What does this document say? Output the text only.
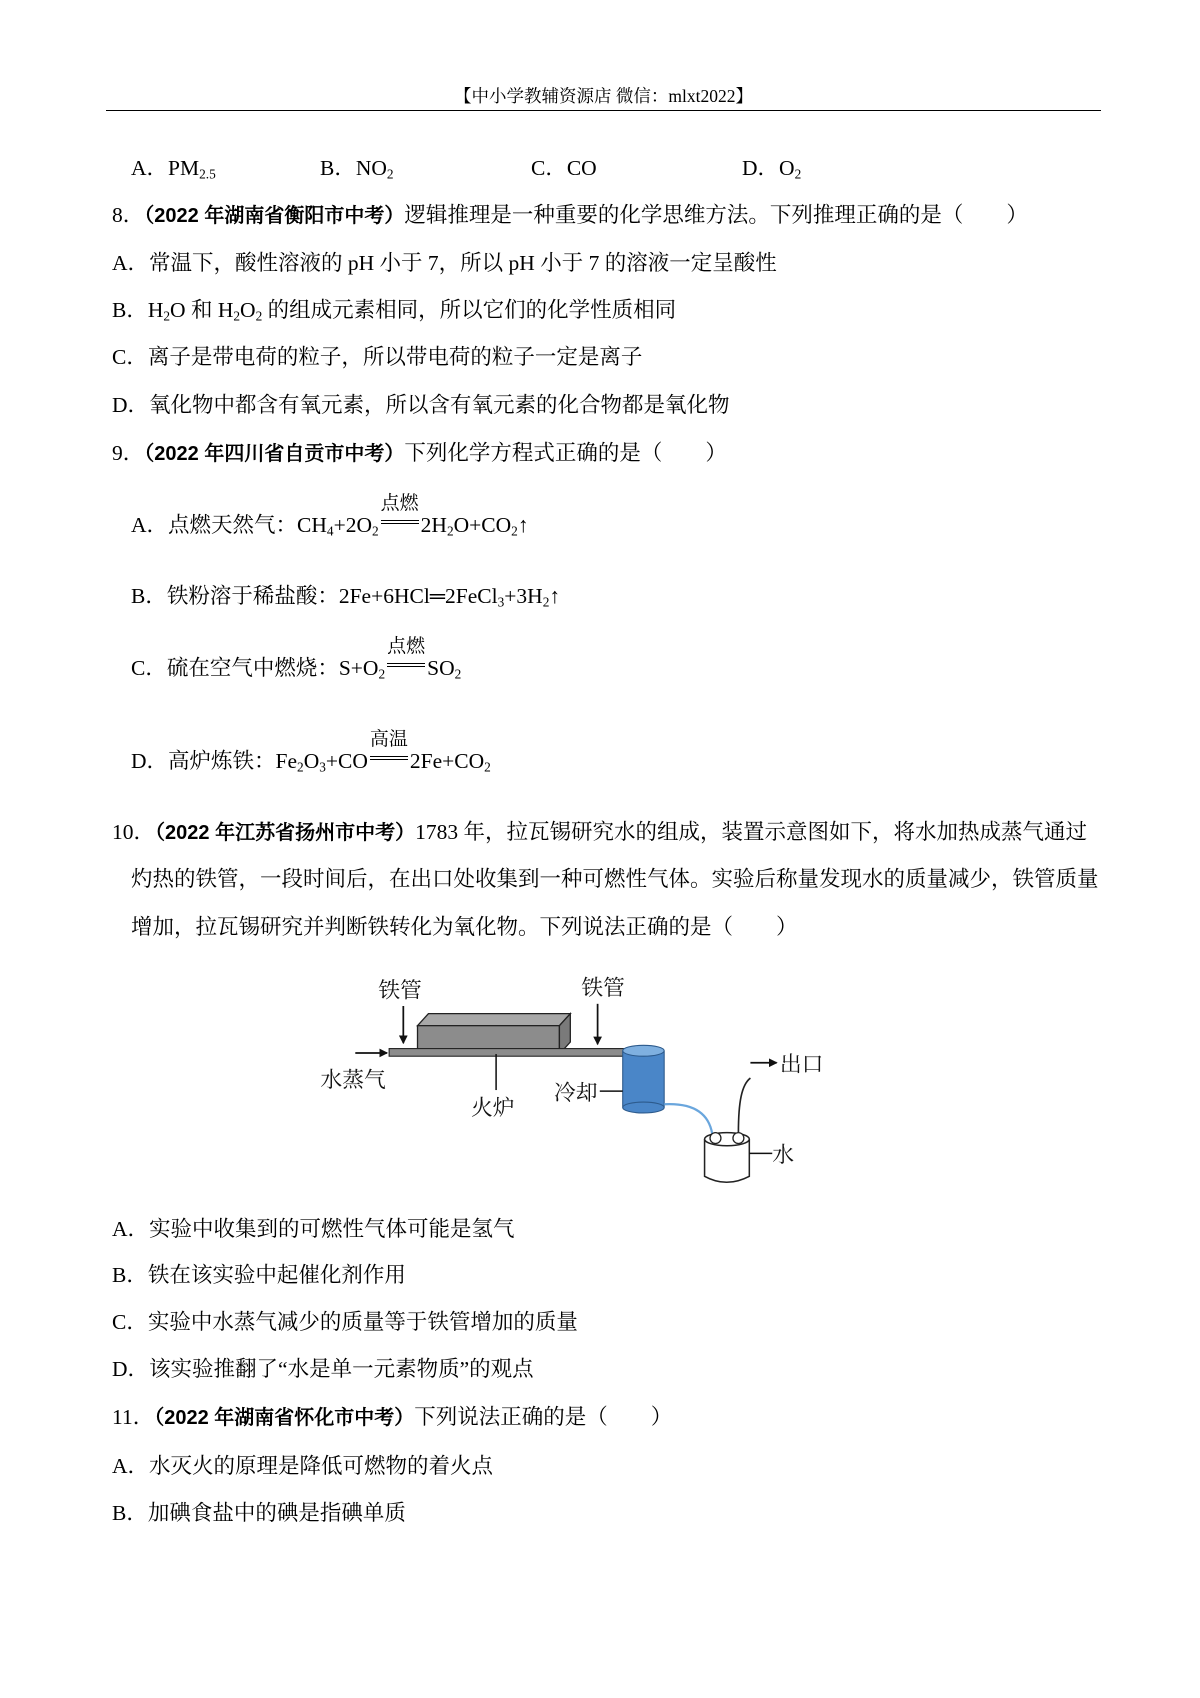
【中小学教辅资源店 微信：mlxt2022】
A．$PM_{2.5}$	B．$NO_2$	C．CO	D．$O_2$
8．（2022 年湖南省衡阳市中考）逻辑推理是一种重要的化学思维方法。下列推理正确的是（　　）
A．常温下，酸性溶液的 pH 小于 7，所以 pH 小于 7 的溶液一定呈酸性
B．$H_2O$ 和 $H_2O_2$ 的组成元素相同，所以它们的化学性质相同
C．离子是带电荷的粒子，所以带电荷的粒子一定是离子
D．氧化物中都含有氧元素，所以含有氧元素的化合物都是氧化物
9．（2022 年四川省自贡市中考）下列化学方程式正确的是（　　）
A．点燃天然气：$CH_4+2O_2$
点燃
$2H_2O+CO_2↑$
B．铁粉溶于稀盐酸：$2Fe+6HCl═2FeCl_3+3H_2↑$
C．硫在空气中燃烧：$S+O_2$
点燃
$SO_2$
D．高炉炼铁：$Fe_2O_3+CO$
高温
$2Fe+CO_2$
10．（2022 年江苏省扬州市中考）1783 年，拉瓦锡研究水的组成，装置示意图如下，将水加热成蒸气通过
灼热的铁管，一段时间后，在出口处收集到一种可燃性气体。实验后称量发现水的质量减少，铁管质量
增加，拉瓦锡研究并判断铁转化为氧化物。下列说法正确的是（　　）
铁管	铁管
水蒸气
火炉
冷却
出口
水
A．实验中收集到的可燃性气体可能是氢气
B．铁在该实验中起催化剂作用
C．实验中水蒸气减少的质量等于铁管增加的质量
D．该实验推翻了“水是单一元素物质”的观点
11．（2022 年湖南省怀化市中考）下列说法正确的是（　　）
A．水灭火的原理是降低可燃物的着火点
B．加碘食盐中的碘是指碘单质
